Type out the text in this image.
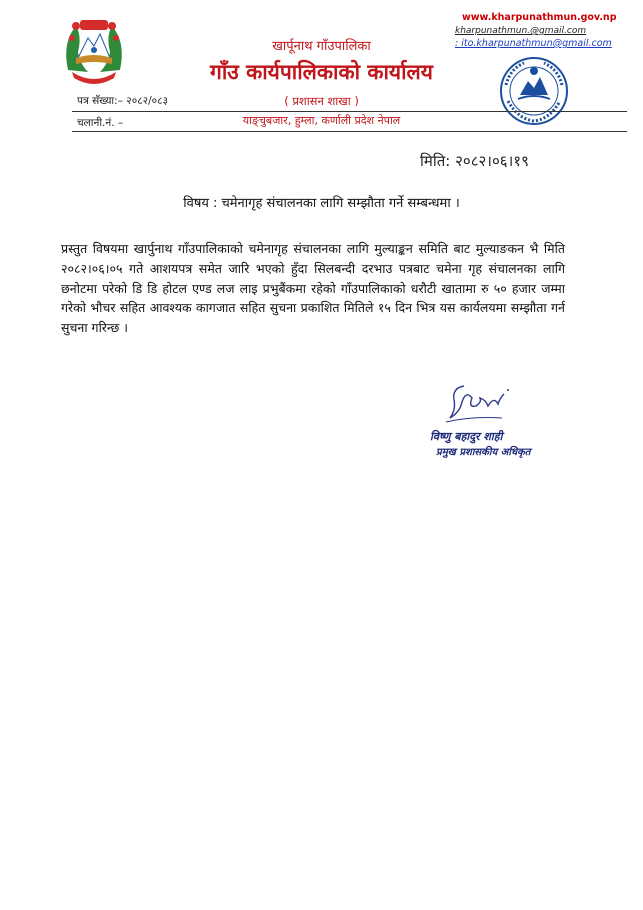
www.kharpunathmun.gov.np
kharpunathmun.@gmail.com
: ito.kharpunathmun@gmail.com
खार्पूनाथ गाँउपालिका
गाँउ कार्यपालिकाको कार्यालय
( प्रशासन शाखा )
याङ्चुबजार, हुम्ला, कर्णाली प्रदेश नेपाल
पत्र सँख्या:– २०८२/०८३
चलानी.नं. –
मिति: २०८२।०६।१९
विषय : चमेनागृह संचालनका लागि सम्झौता गर्ने सम्बन्धमा ।
प्रस्तुत विषयमा खार्पुनाथ गाँउपालिकाको चमेनागृह संचालनका लागि मुल्याङ्कन समिति बाट मुल्याङकन भै मिति २०८२।०६।०५ गते आशयपत्र समेत जारि भएको हुँदा सिलबन्दी दरभाउ पत्रबाट चमेना गृह संचालनका लागि छनोटमा परेको डि डि होटल एण्ड लज लाइ प्रभुबैंकमा रहेको गाँउपालिकाको धरौटी खातामा रु ५० हजार जम्मा गरेको भौचर सहित आवश्यक कागजात सहित सुचना प्रकाशित मितिले १५ दिन भित्र यस कार्यलयमा सम्झौता गर्न सुचना गरिन्छ ।
विष्णु बहादुर शाही
प्रमुख प्रशासकीय अधिकृत
